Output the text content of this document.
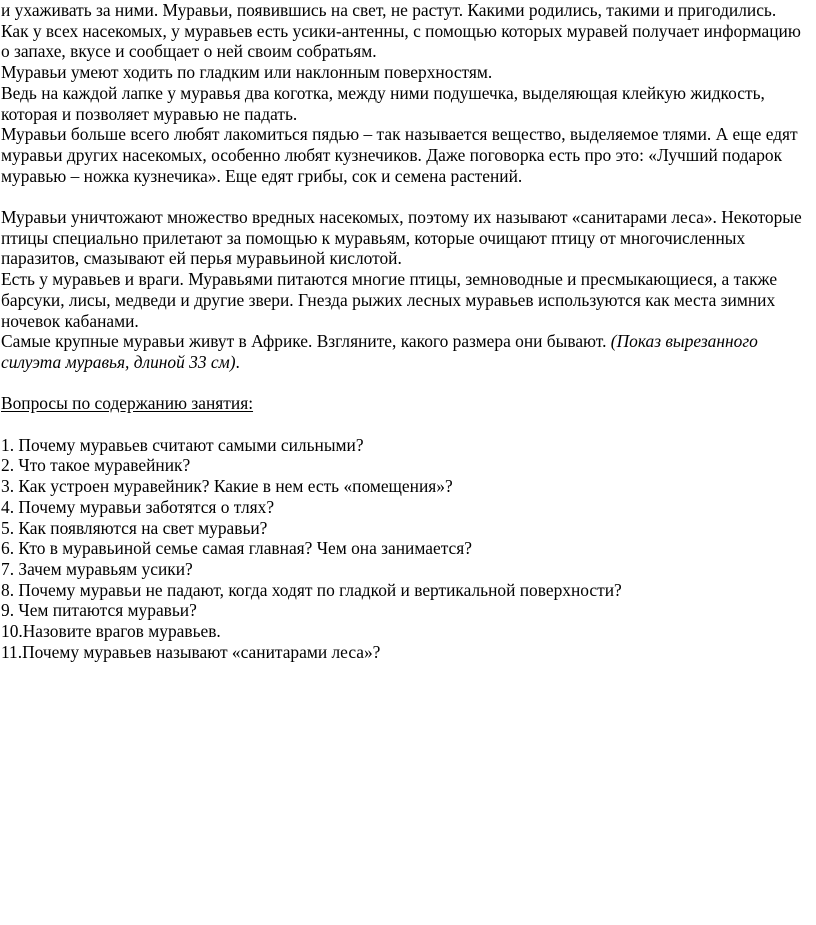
и ухаживать за ними. Муравьи, появившись на свет, не растут. Какими родились, такими и пригодились.

Как у всех насекомых, у муравьев есть усики-антенны, с помощью которых муравей получает информацию о запахе, вкусе и сообщает о ней своим собратьям.

Муравьи умеют ходить по гладким или наклонным поверхностям.

Ведь на каждой лапке у муравья два коготка, между ними подушечка, выделяющая клейкую жидкость, которая и позволяет муравью не падать.

Муравьи больше всего любят лакомиться пядью – так называется вещество, выделяемое тлями. А еще едят муравьи других насекомых, особенно любят кузнечиков. Даже поговорка есть про это: «Лучший подарок муравью – ножка кузнечика». Еще едят грибы, сок и семена растений.

Муравьи уничтожают множество вредных насекомых, поэтому их называют «санитарами леса». Некоторые птицы специально прилетают за помощью к муравьям, которые очищают птицу от многочисленных паразитов, смазывают ей перья муравьиной кислотой.

Есть у муравьев и враги. Муравьями питаются многие птицы, земноводные и пресмыкающиеся, а также барсуки, лисы, медведи и другие звери. Гнезда рыжих лесных муравьев используются как места зимних ночевок кабанами.

Самые крупные муравьи живут в Африке. Взгляните, какого размера они бывают. (Показ вырезанного силуэта муравья, длиной 33 см).

Вопросы по содержанию занятия:

1. Почему муравьев считают самыми сильными?

2. Что такое муравейник?

3. Как устроен муравейник? Какие в нем есть «помещения»?

4. Почему муравьи заботятся о тлях?

5. Как появляются на свет муравьи?

6. Кто в муравьиной семье самая главная? Чем она занимается?

7. Зачем муравьям усики?

8. Почему муравьи не падают, когда ходят по гладкой и вертикальной поверхности?

9. Чем питаются муравьи?

10.Назовите врагов муравьев.

11.Почему муравьев называют «санитарами леса»?
